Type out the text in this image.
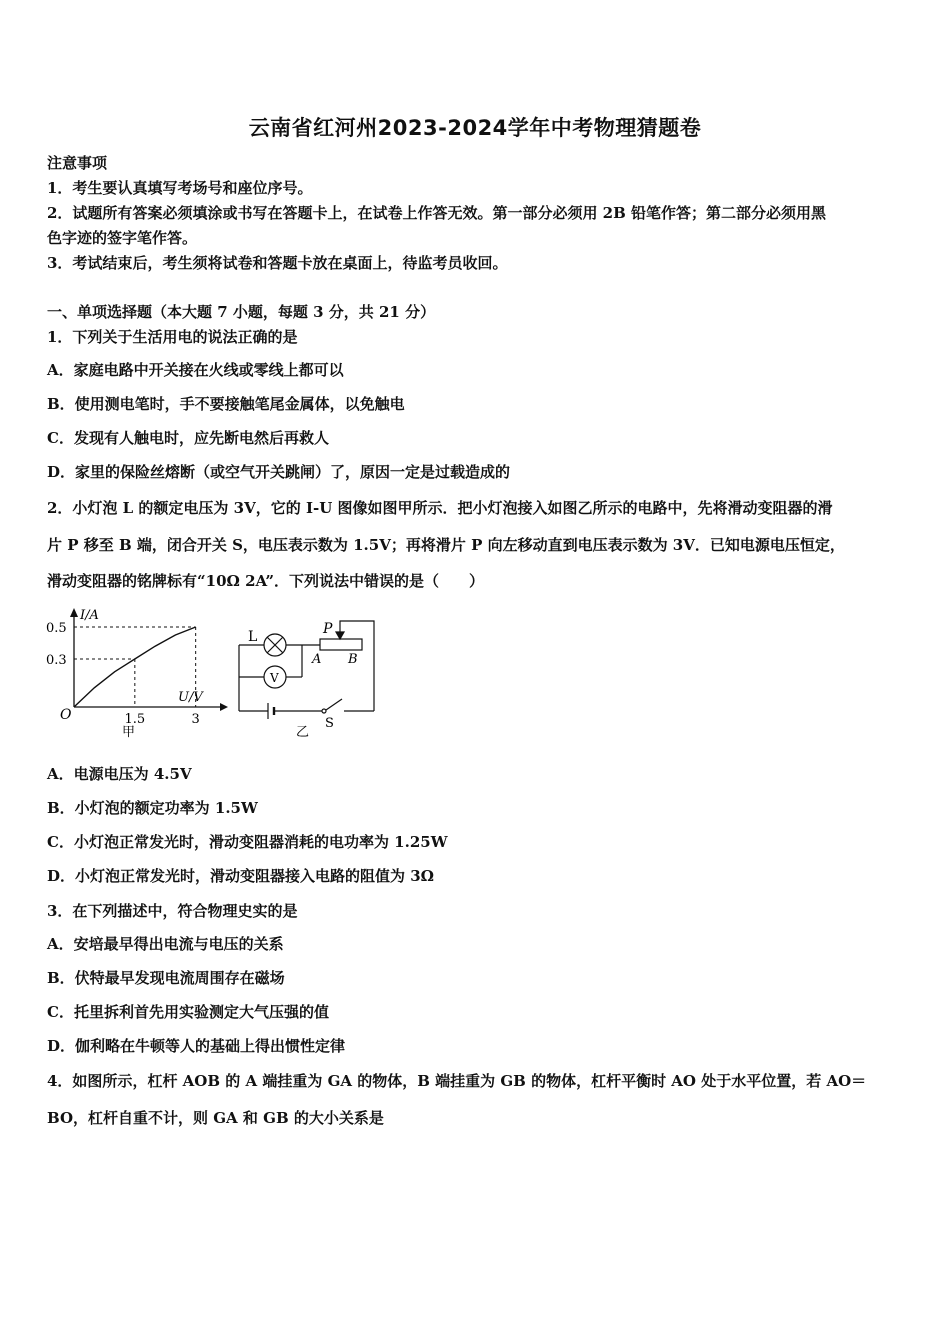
云南省红河州2023-2024学年中考物理猜题卷
注意事项
1．考生要认真填写考场号和座位序号。
2．试题所有答案必须填涂或书写在答题卡上，在试卷上作答无效。第一部分必须用 2B 铅笔作答；第二部分必须用黑
色字迹的签字笔作答。
3．考试结束后，考生须将试卷和答题卡放在桌面上，待监考员收回。
一、单项选择题（本大题 7 小题，每题 3 分，共 21 分）
1．下列关于生活用电的说法正确的是
A．家庭电路中开关接在火线或零线上都可以
B．使用测电笔时，手不要接触笔尾金属体，以免触电
C．发现有人触电时，应先断电然后再救人
D．家里的保险丝熔断（或空气开关跳闸）了，原因一定是过载造成的
2．小灯泡 L 的额定电压为 3V，它的 I-U 图像如图甲所示．把小灯泡接入如图乙所示的电路中，先将滑动变阻器的滑
片 P 移至 B 端，闭合开关 S，电压表示数为 1.5V；再将滑片 P 向左移动直到电压表示数为 3V．已知电源电压恒定，
滑动变阻器的铭牌标有“10Ω 2A”．下列说法中错误的是（　　）
I/A
U/V
O
0.5
0.3
1.5	3
甲
L
V
P
A B
S
乙
A．电源电压为 4.5V
B．小灯泡的额定功率为 1.5W
C．小灯泡正常发光时，滑动变阻器消耗的电功率为 1.25W
D．小灯泡正常发光时，滑动变阻器接入电路的阻值为 3Ω
3．在下列描述中，符合物理史实的是
A．安培最早得出电流与电压的关系
B．伏特最早发现电流周围存在磁场
C．托里拆利首先用实验测定大气压强的值
D．伽利略在牛顿等人的基础上得出惯性定律
4．如图所示，杠杆 AOB 的 A 端挂重为 GA 的物体，B 端挂重为 GB 的物体，杠杆平衡时 AO 处于水平位置，若 AO＝
BO，杠杆自重不计，则 GA 和 GB 的大小关系是
